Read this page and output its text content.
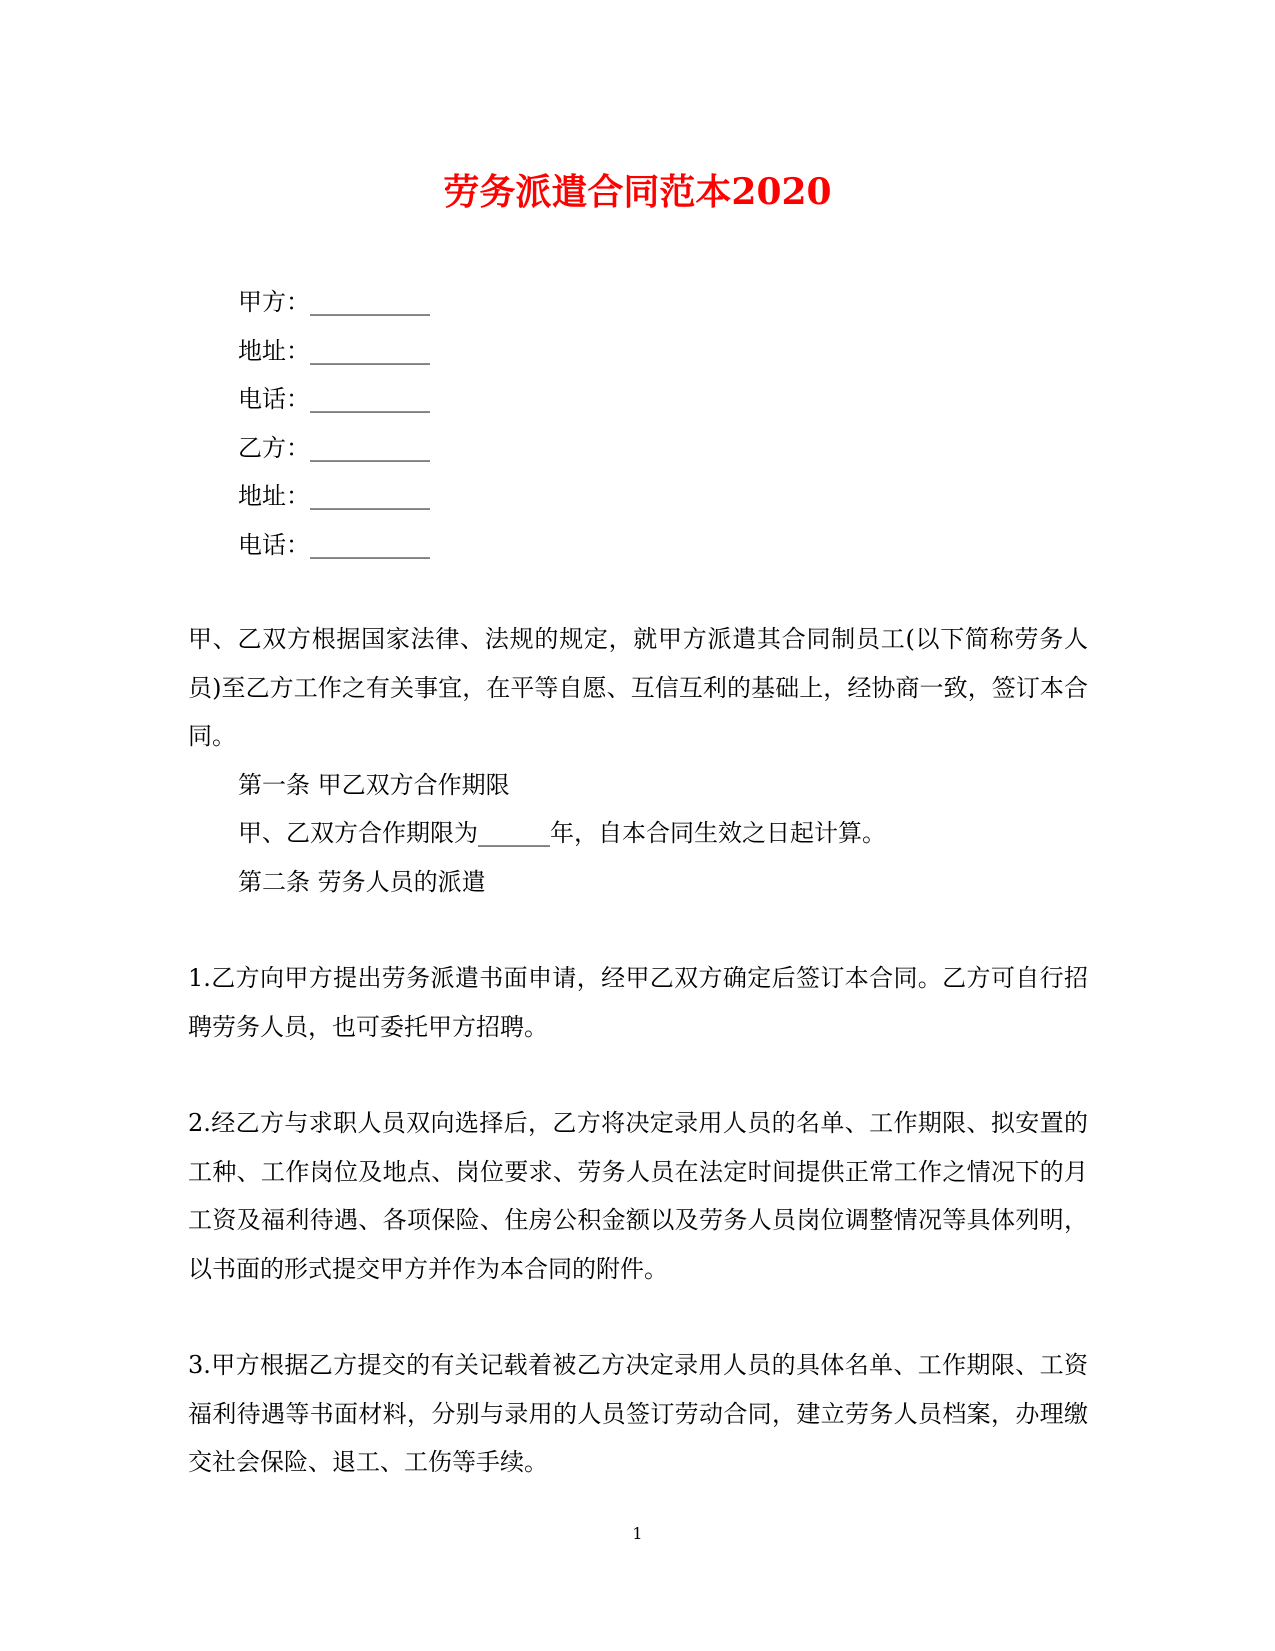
劳务派遣合同范本2020
甲方：__________
地址：__________
电话：__________
乙方：__________
地址：__________
电话：__________

甲、乙双方根据国家法律、法规的规定，就甲方派遣其合同制员工(以下简称劳务人员)至乙方工作之有关事宜，在平等自愿、互信互利的基础上，经协商一致，签订本合同。

第一条 甲乙双方合作期限

甲、乙双方合作期限为______年，自本合同生效之日起计算。

第二条 劳务人员的派遣

1.乙方向甲方提出劳务派遣书面申请，经甲乙双方确定后签订本合同。乙方可自行招聘劳务人员，也可委托甲方招聘。

2.经乙方与求职人员双向选择后，乙方将决定录用人员的名单、工作期限、拟安置的工种、工作岗位及地点、岗位要求、劳务人员在法定时间提供正常工作之情况下的月工资及福利待遇、各项保险、住房公积金额以及劳务人员岗位调整情况等具体列明，以书面的形式提交甲方并作为本合同的附件。

3.甲方根据乙方提交的有关记载着被乙方决定录用人员的具体名单、工作期限、工资福利待遇等书面材料，分别与录用的人员签订劳动合同，建立劳务人员档案，办理缴交社会保险、退工、工伤等手续。

1
